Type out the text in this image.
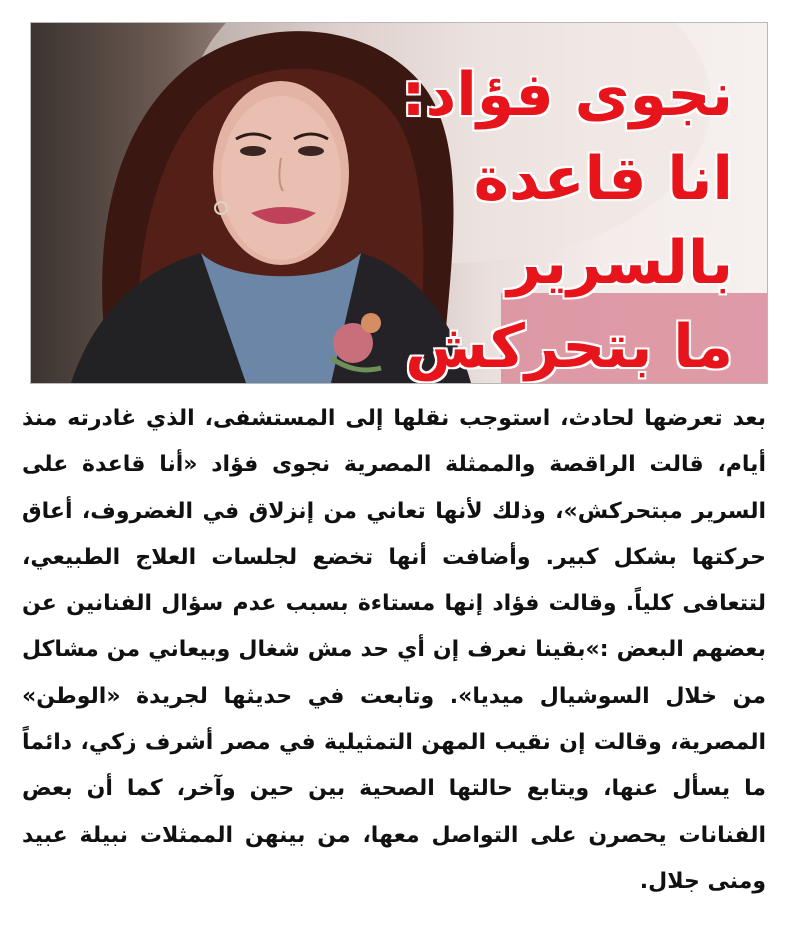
نجوى فؤاد:
انا قاعدة
بالسرير
ما بتحركش
بعد تعرضها لحادث، استوجب نقلها إلى المستشفى، الذي غادرته منذ أيام، قالت الراقصة والممثلة المصرية نجوى فؤاد «أنا قاعدة على السرير مبتحركش»، وذلك لأنها تعاني من إنزلاق في الغضروف، أعاق حركتها بشكل كبير. وأضافت أنها تخضع لجلسات العلاج الطبيعي، لتتعافى كلياً. وقالت فؤاد إنها مستاءة بسبب عدم سؤال الفنانين عن بعضهم البعض :»بقينا نعرف إن أي حد مش شغال وبيعاني من مشاكل من خلال السوشيال ميديا». وتابعت في حديثها لجريدة «الوطن» المصرية، وقالت إن نقيب المهن التمثيلية في مصر أشرف زكي، دائماً ما يسأل عنها، ويتابع حالتها الصحية بين حين وآخر، كما أن بعض الفنانات يحصرن على التواصل معها، من بينهن الممثلات نبيلة عبيد ومنى جلال.
